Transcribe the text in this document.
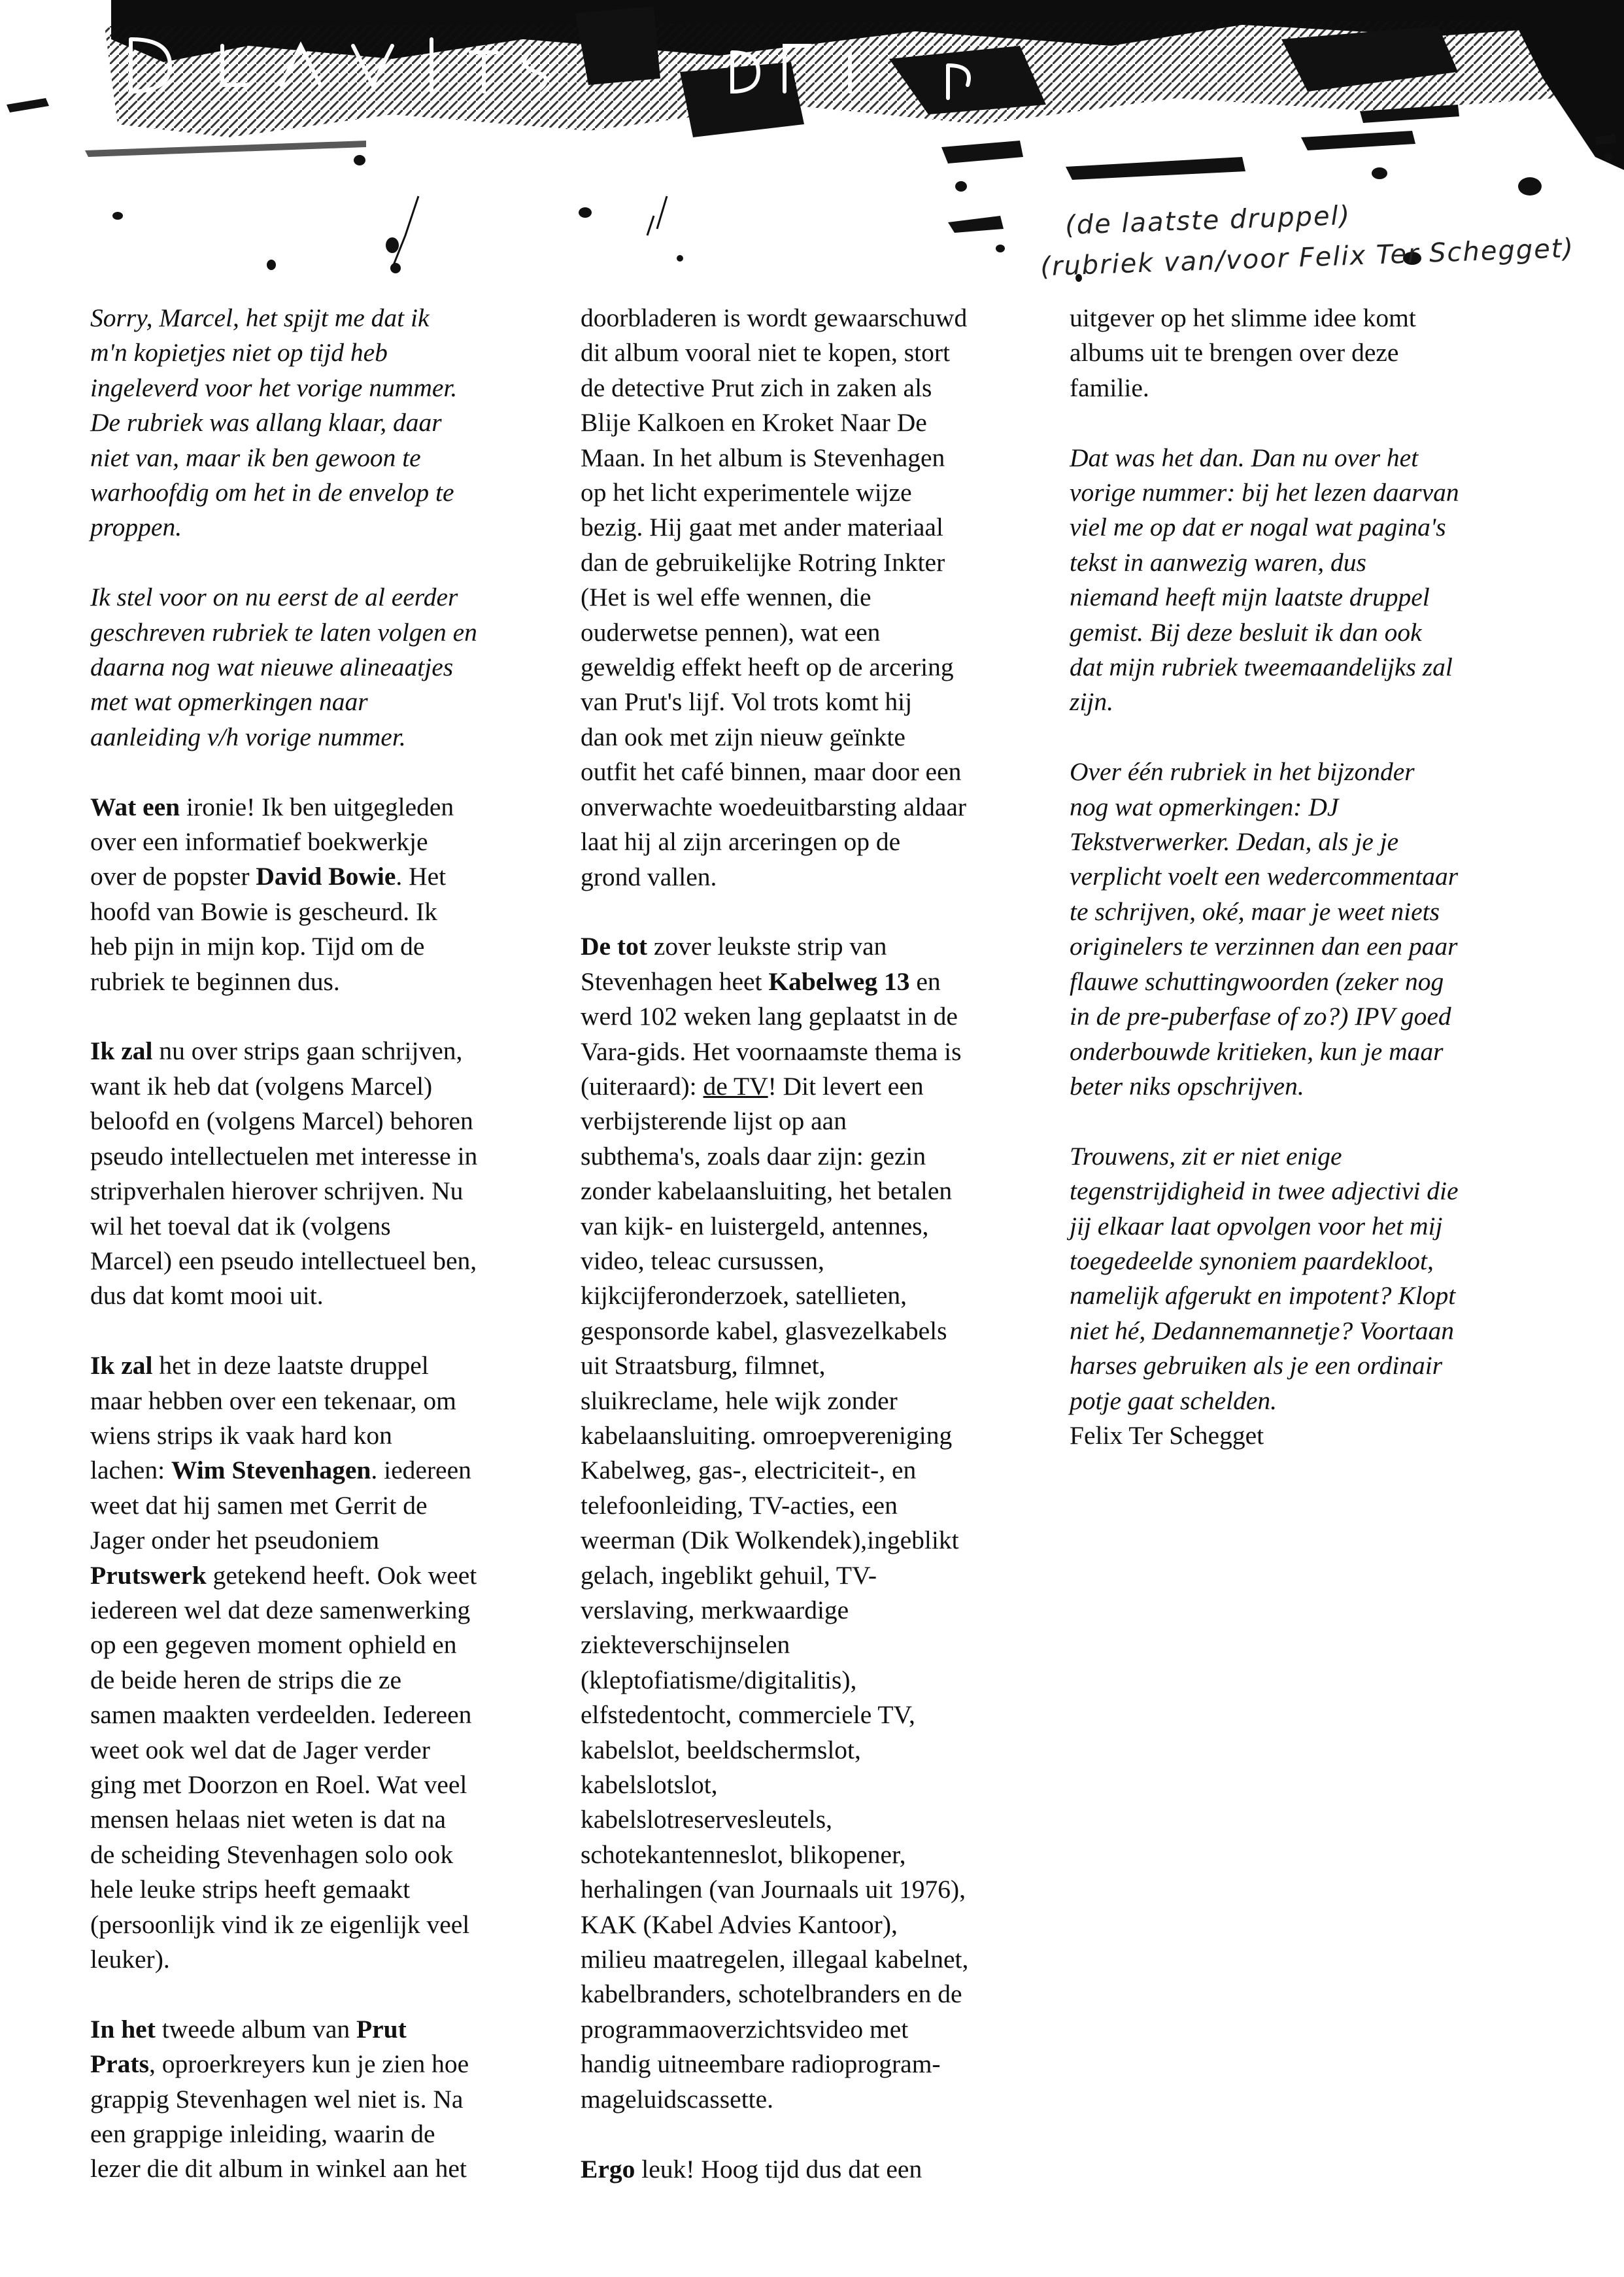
(de laatste druppel)
(rubriek van/voor Felix Ter Schegget)

Sorry, Marcel, het spijt me dat ik
m'n kopietjes niet op tijd heb
ingeleverd voor het vorige nummer.
De rubriek was allang klaar, daar
niet van, maar ik ben gewoon te
warhoofdig om het in de envelop te
proppen.

Ik stel voor on nu eerst de al eerder
geschreven rubriek te laten volgen en
daarna nog wat nieuwe alineaatjes
met wat opmerkingen naar
aanleiding v/h vorige nummer.

Wat een ironie! Ik ben uitgegleden
over een informatief boekwerkje
over de popster David Bowie. Het
hoofd van Bowie is gescheurd. Ik
heb pijn in mijn kop. Tijd om de
rubriek te beginnen dus.

Ik zal nu over strips gaan schrijven,
want ik heb dat (volgens Marcel)
beloofd en (volgens Marcel) behoren
pseudo intellectuelen met interesse in
stripverhalen hierover schrijven. Nu
wil het toeval dat ik (volgens
Marcel) een pseudo intellectueel ben,
dus dat komt mooi uit.

Ik zal het in deze laatste druppel
maar hebben over een tekenaar, om
wiens strips ik vaak hard kon
lachen: Wim Stevenhagen. iedereen
weet dat hij samen met Gerrit de
Jager onder het pseudoniem
Prutswerk getekend heeft. Ook weet
iedereen wel dat deze samenwerking
op een gegeven moment ophield en
de beide heren de strips die ze
samen maakten verdeelden. Iedereen
weet ook wel dat de Jager verder
ging met Doorzon en Roel. Wat veel
mensen helaas niet weten is dat na
de scheiding Stevenhagen solo ook
hele leuke strips heeft gemaakt
(persoonlijk vind ik ze eigenlijk veel
leuker).

In het tweede album van Prut
Prats, oproerkreyers kun je zien hoe
grappig Stevenhagen wel niet is. Na
een grappige inleiding, waarin de
lezer die dit album in winkel aan het

doorbladeren is wordt gewaarschuwd
dit album vooral niet te kopen, stort
de detective Prut zich in zaken als
Blije Kalkoen en Kroket Naar De
Maan. In het album is Stevenhagen
op het licht experimentele wijze
bezig. Hij gaat met ander materiaal
dan de gebruikelijke Rotring Inkter
(Het is wel effe wennen, die
ouderwetse pennen), wat een
geweldig effekt heeft op de arcering
van Prut's lijf. Vol trots komt hij
dan ook met zijn nieuw geïnkte
outfit het café binnen, maar door een
onverwachte woedeuitbarsting aldaar
laat hij al zijn arceringen op de
grond vallen.

De tot zover leukste strip van
Stevenhagen heet Kabelweg 13 en
werd 102 weken lang geplaatst in de
Vara-gids. Het voornaamste thema is
(uiteraard): de TV! Dit levert een
verbijsterende lijst op aan
subthema's, zoals daar zijn: gezin
zonder kabelaansluiting, het betalen
van kijk- en luistergeld, antennes,
video, teleac cursussen,
kijkcijferonderzoek, satellieten,
gesponsorde kabel, glasvezelkabels
uit Straatsburg, filmnet,
sluikreclame, hele wijk zonder
kabelaansluiting. omroepvereniging
Kabelweg, gas-, electriciteit-, en
telefoonleiding, TV-acties, een
weerman (Dik Wolkendek),ingeblikt
gelach, ingeblikt gehuil, TV-
verslaving, merkwaardige
ziekteverschijnselen
(kleptofiatisme/digitalitis),
elfstedentocht, commerciele TV,
kabelslot, beeldschermslot,
kabelslotslot,
kabelslotreservesleutels,
schotekantenneslot, blikopener,
herhalingen (van Journaals uit 1976),
KAK (Kabel Advies Kantoor),
milieu maatregelen, illegaal kabelnet,
kabelbranders, schotelbranders en de
programmaoverzichtsvideo met
handig uitneembare radioprogram-
mageluidscassette.

Ergo leuk! Hoog tijd dus dat een

uitgever op het slimme idee komt
albums uit te brengen over deze
familie.

Dat was het dan. Dan nu over het
vorige nummer: bij het lezen daarvan
viel me op dat er nogal wat pagina's
tekst in aanwezig waren, dus
niemand heeft mijn laatste druppel
gemist. Bij deze besluit ik dan ook
dat mijn rubriek tweemaandelijks zal
zijn.

Over één rubriek in het bijzonder
nog wat opmerkingen: DJ
Tekstverwerker. Dedan, als je je
verplicht voelt een wedercommentaar
te schrijven, oké, maar je weet niets
originelers te verzinnen dan een paar
flauwe schuttingwoorden (zeker nog
in de pre-puberfase of zo?) IPV goed
onderbouwde kritieken, kun je maar
beter niks opschrijven.

Trouwens, zit er niet enige
tegenstrijdigheid in twee adjectivi die
jij elkaar laat opvolgen voor het mij
toegedeelde synoniem paardekloot,
namelijk afgerukt en impotent? Klopt
niet hé, Dedannemannetje? Voortaan
harses gebruiken als je een ordinair
potje gaat schelden.

Felix Ter Schegget
